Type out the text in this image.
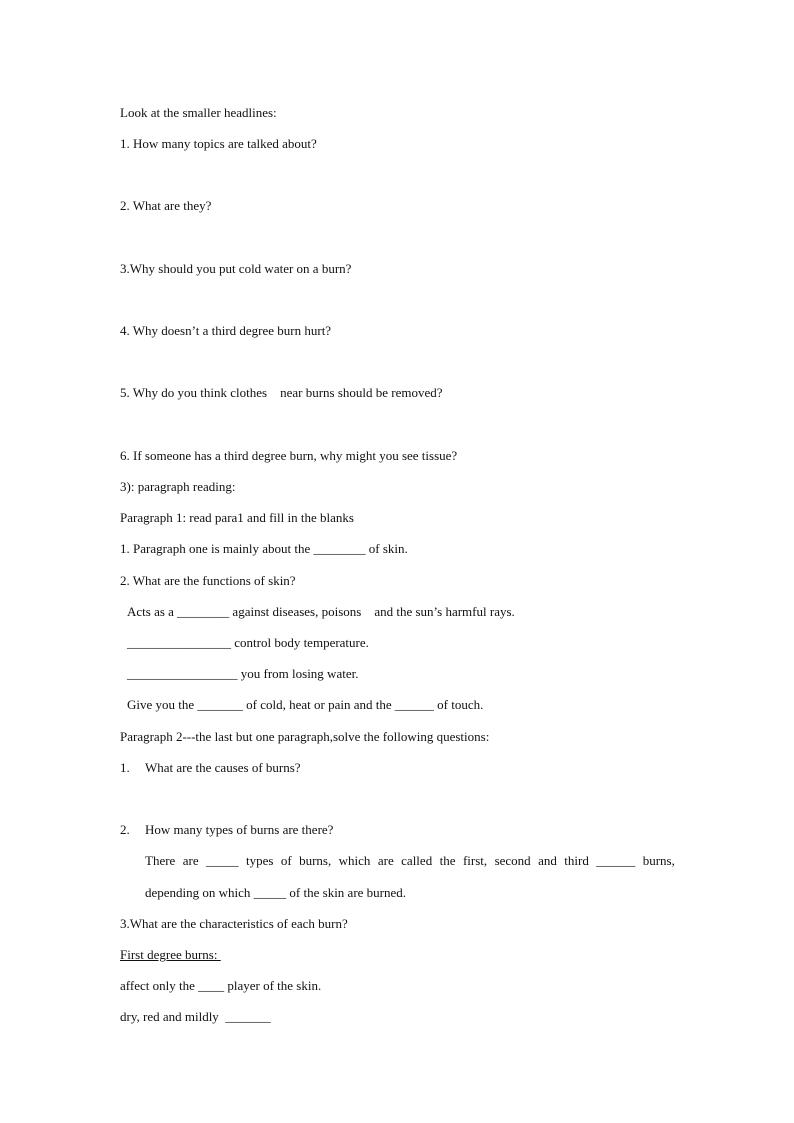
Look at the smaller headlines:
1. How many topics are talked about?
2. What are they?
3.Why should you put cold water on a burn?
4. Why doesn’t a third degree burn hurt?
5. Why do you think clothes    near burns should be removed?
6. If someone has a third degree burn, why might you see tissue?
3): paragraph reading:
Paragraph 1: read para1 and fill in the blanks
1. Paragraph one is mainly about the ________ of skin.
2. What are the functions of skin?
Acts as a ________ against diseases, poisons    and the sun’s harmful rays.
________________ control body temperature.
_________________ you from losing water.
Give you the _______ of cold, heat or pain and the ______ of touch.
Paragraph 2---the last but one paragraph,solve the following questions:
1. What are the causes of burns?
2. How many types of burns are there?
There are _____ types of burns, which are called the first, second and third ______ burns,
depending on which _____ of the skin are burned.
3.What are the characteristics of each burn?
First degree burns:
affect only the ____ player of the skin.
dry, red and mildly  _______
